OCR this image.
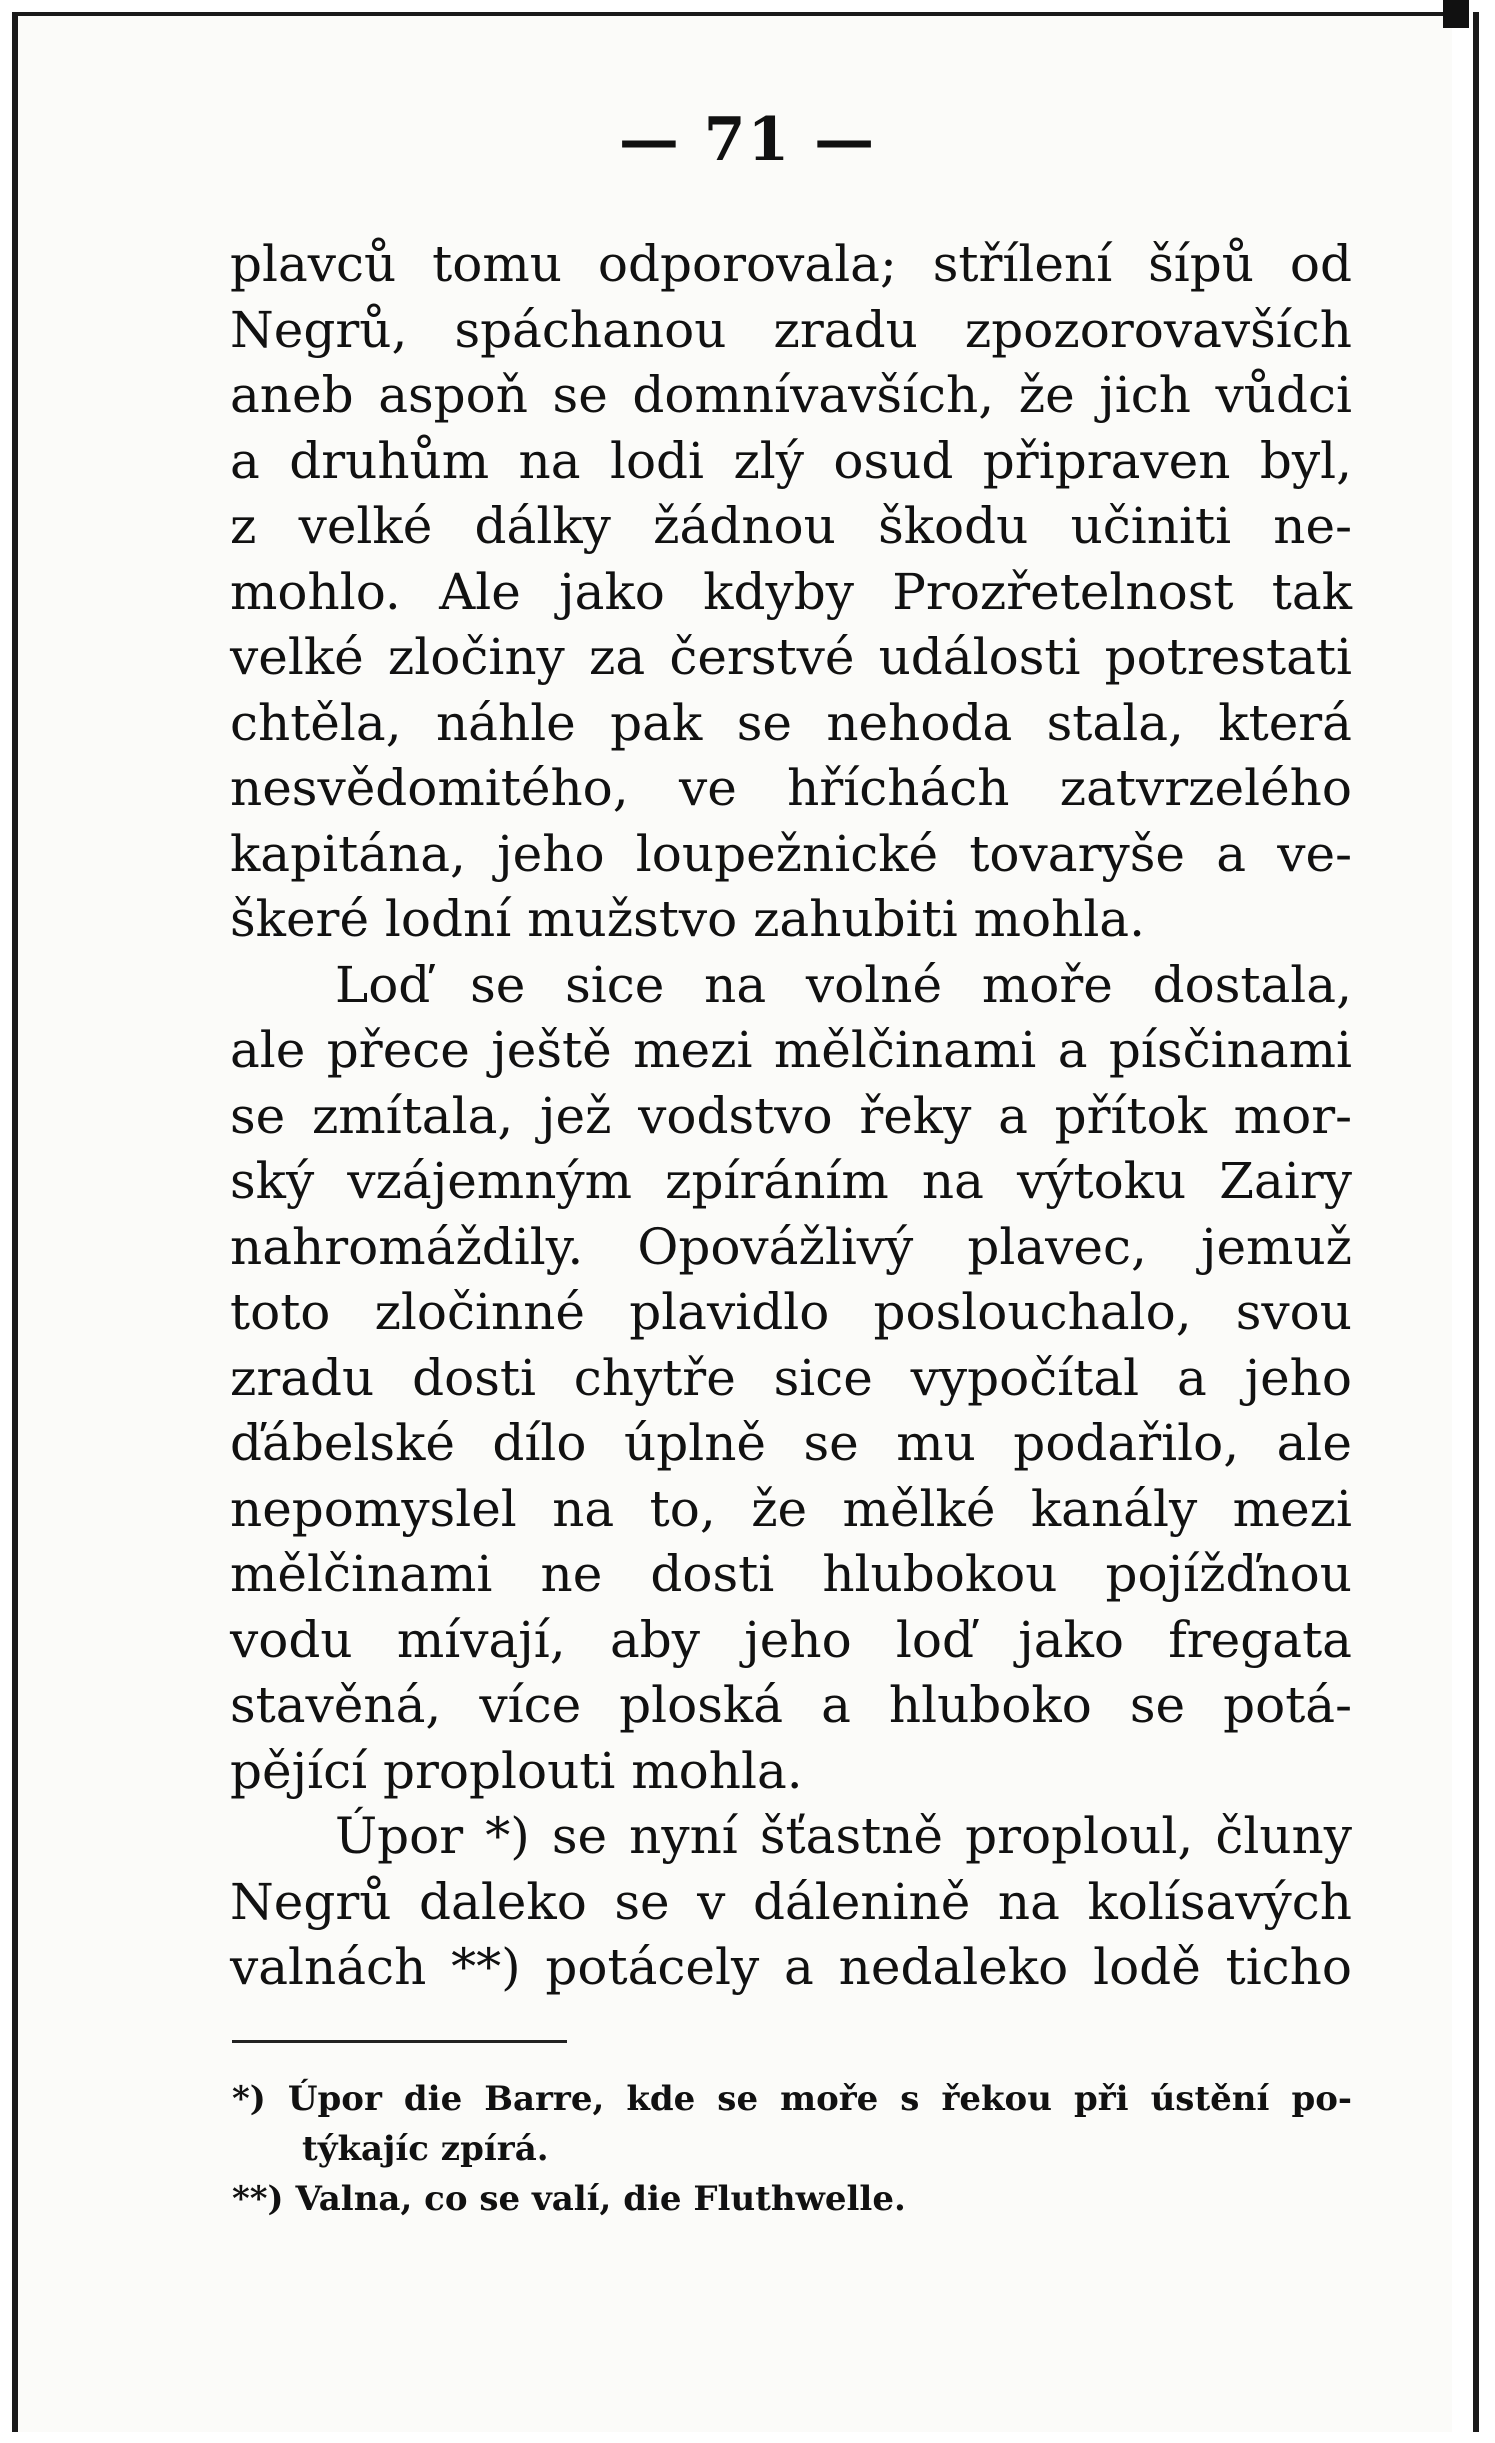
— 71 —
plavců tomu odporovala; střílení šípů od
Negrů, spáchanou zradu zpozorovavších
aneb aspoň se domnívavších, že jich vůdci
a druhům na lodi zlý osud připraven byl,
z velké dálky žádnou škodu učiniti ne-
mohlo. Ale jako kdyby Prozřetelnost tak
velké zločiny za čerstvé události potrestati
chtěla, náhle pak se nehoda stala, která
nesvědomitého, ve hříchách zatvrzelého
kapitána, jeho loupežnické tovaryše a ve-
škeré lodní mužstvo zahubiti mohla.
Loď se sice na volné moře dostala,
ale přece ještě mezi mělčinami a písčinami
se zmítala, jež vodstvo řeky a přítok mor-
ský vzájemným zpíráním na výtoku Zairy
nahromáždily. Opovážlivý plavec, jemuž
toto zločinné plavidlo poslouchalo, svou
zradu dosti chytře sice vypočítal a jeho
ďábelské dílo úplně se mu podařilo, ale
nepomyslel na to, že mělké kanály mezi
mělčinami ne dosti hlubokou pojížďnou
vodu mívají, aby jeho loď jako fregata
stavěná, více ploská a hluboko se potá-
pějící proplouti mohla.
Úpor *) se nyní šťastně proploul, čluny
Negrů daleko se v dálenině na kolísavých
valnách **) potácely a nedaleko lodě ticho
*) Úpor die Barre, kde se moře s řekou při ústění po-
týkajíc zpírá.
**) Valna, co se valí, die Fluthwelle.
